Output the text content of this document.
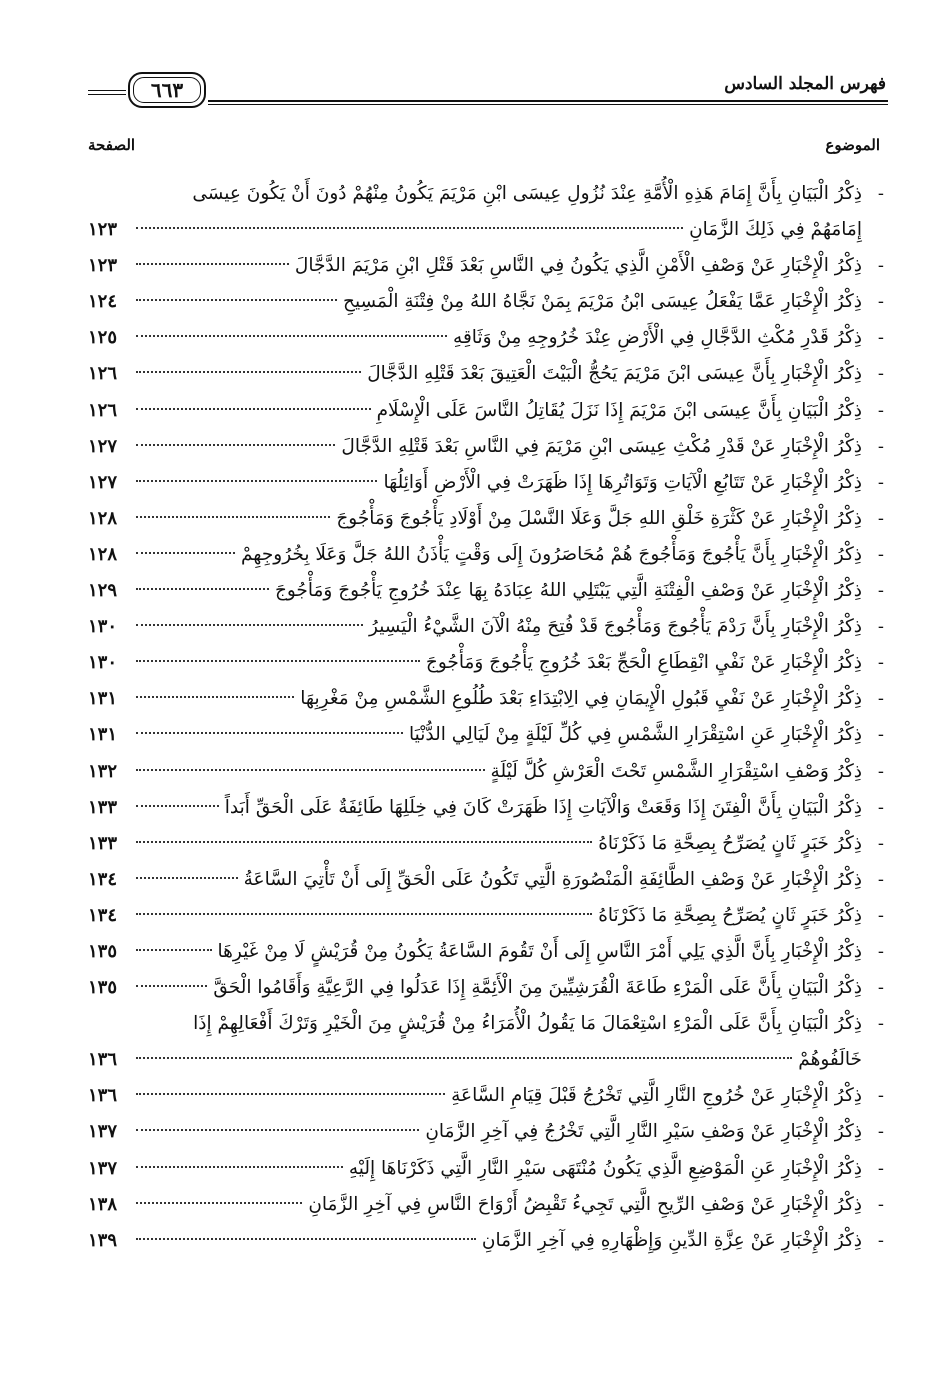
فهرس المجلد السادس
٦٦٣
الموضوع
الصفحة
-
ذِكْرُ الْبَيَانِ بِأَنَّ إِمَامَ هَذِهِ الْأُمَّةِ عِنْدَ نُزُولِ عِيسَى ابْنِ مَرْيَمَ يَكُونُ مِنْهُمْ دُونَ أَنْ يَكُونَ عِيسَى
إِمَامَهُمْ فِي ذَلِكَ الزَّمَانِ
١٢٣
-
ذِكْرُ الْإِخْبَارِ عَنْ وَصْفِ الْأَمْنِ الَّذِي يَكُونُ فِي النَّاسِ بَعْدَ قَتْلِ ابْنِ مَرْيَمَ الدَّجَّالَ
١٢٣
-
ذِكْرُ الْإِخْبَارِ عَمَّا يَفْعَلُ عِيسَى ابْنُ مَرْيَمَ بِمَنْ نَجَّاهُ اللهُ مِنْ فِتْنَةِ الْمَسِيحِ
١٢٤
-
ذِكْرُ قَدْرِ مُكْثِ الدَّجَّالِ فِي الْأَرْضِ عِنْدَ خُرُوجِهِ مِنْ وَثَاقِهِ
١٢٥
-
ذِكْرُ الْإِخْبَارِ بِأَنَّ عِيسَى ابْنَ مَرْيَمَ يَحُجُّ الْبَيْتَ الْعَتِيقَ بَعْدَ قَتْلِهِ الدَّجَّالَ
١٢٦
-
ذِكْرُ الْبَيَانِ بِأَنَّ عِيسَى ابْنَ مَرْيَمَ إِذَا نَزَلَ يُقَاتِلُ النَّاسَ عَلَى الْإِسْلَامِ
١٢٦
-
ذِكْرُ الْإِخْبَارِ عَنْ قَدْرِ مُكْثِ عِيسَى ابْنِ مَرْيَمَ فِي النَّاسِ بَعْدَ قَتْلِهِ الدَّجَّالَ
١٢٧
-
ذِكْرُ الْإِخْبَارِ عَنْ تَتَابُعِ الْآيَاتِ وَتَوَاتُرِهَا إِذَا ظَهَرَتْ فِي الْأَرْضِ أَوَائِلُهَا
١٢٧
-
ذِكْرُ الْإِخْبَارِ عَنْ كَثْرَةِ خَلْقِ اللهِ جَلَّ وَعَلَا النَّسْلَ مِنْ أَوْلَادِ يَأْجُوجَ وَمَأْجُوجَ
١٢٨
-
ذِكْرُ الْإِخْبَارِ بِأَنَّ يَأْجُوجَ وَمَأْجُوجَ هُمْ مُحَاصَرُونَ إِلَى وَقْتٍ يَأْذَنُ اللهُ جَلَّ وَعَلَا بِخُرُوجِهِمْ
١٢٨
-
ذِكْرُ الْإِخْبَارِ عَنْ وَصْفِ الْفِتْنَةِ الَّتِي يَبْتَلِي اللهُ عِبَادَهُ بِهَا عِنْدَ خُرُوجِ يَأْجُوجَ وَمَأْجُوجَ
١٢٩
-
ذِكْرُ الْإِخْبَارِ بِأَنَّ رَدْمَ يَأْجُوجَ وَمَأْجُوجَ قَدْ فُتِحَ مِنْهُ الْآنَ الشَّيْءُ الْيَسِيرُ
١٣٠
-
ذِكْرُ الْإِخْبَارِ عَنْ نَفْيِ انْقِطَاعِ الْحَجِّ بَعْدَ خُرُوجِ يَأْجُوجَ وَمَأْجُوجَ
١٣٠
-
ذِكْرُ الْإِخْبَارِ عَنْ نَفْيِ قَبُولِ الْإِيمَانِ فِي الِابْتِدَاءِ بَعْدَ طُلُوعِ الشَّمْسِ مِنْ مَغْرِبِهَا
١٣١
-
ذِكْرُ الْإِخْبَارِ عَنِ اسْتِقْرَارِ الشَّمْسِ فِي كُلِّ لَيْلَةٍ مِنْ لَيَالِي الدُّنْيَا
١٣١
-
ذِكْرُ وَصْفِ اسْتِقْرَارِ الشَّمْسِ تَحْتَ الْعَرْشِ كُلَّ لَيْلَةٍ
١٣٢
-
ذِكْرُ الْبَيَانِ بِأَنَّ الْفِتَنَ إِذَا وَقَعَتْ وَالْآيَاتِ إِذَا ظَهَرَتْ كَانَ فِي خِلَلِهَا طَائِفَةٌ عَلَى الْحَقِّ أَبَداً
١٣٣
-
ذِكْرُ خَبَرٍ ثَانٍ يُصَرِّحُ بِصِحَّةِ مَا ذَكَرْنَاهُ
١٣٣
-
ذِكْرُ الْإِخْبَارِ عَنْ وَصْفِ الطَّائِفَةِ الْمَنْصُورَةِ الَّتِي تَكُونُ عَلَى الْحَقِّ إِلَى أَنْ تَأْتِيَ السَّاعَةُ
١٣٤
-
ذِكْرُ خَبَرٍ ثَانٍ يُصَرِّحُ بِصِحَّةِ مَا ذَكَرْنَاهُ
١٣٤
-
ذِكْرُ الْإِخْبَارِ بِأَنَّ الَّذِي يَلِي أَمْرَ النَّاسِ إِلَى أَنْ تَقُومَ السَّاعَةُ يَكُونُ مِنْ قُرَيْشٍ لَا مِنْ غَيْرِهَا
١٣٥
-
ذِكْرُ الْبَيَانِ بِأَنَّ عَلَى الْمَرْءِ طَاعَةَ الْقُرَشِيِّينَ مِنَ الْأَئِمَّةِ إِذَا عَدَلُوا فِي الرَّعِيَّةِ وَأَقَامُوا الْحَقَّ
١٣٥
-
ذِكْرُ الْبَيَانِ بِأَنَّ عَلَى الْمَرْءِ اسْتِعْمَالَ مَا يَقُولُ الْأُمَرَاءُ مِنْ قُرَيْشٍ مِنَ الْخَيْرِ وَتَرْكَ أَفْعَالِهِمْ إِذَا
خَالَفُوهُمْ
١٣٦
-
ذِكْرُ الْإِخْبَارِ عَنْ خُرُوجِ النَّارِ الَّتِي تَخْرُجُ قَبْلَ قِيَامِ السَّاعَةِ
١٣٦
-
ذِكْرُ الْإِخْبَارِ عَنْ وَصْفِ سَيْرِ النَّارِ الَّتِي تَخْرُجُ فِي آخِرِ الزَّمَانِ
١٣٧
-
ذِكْرُ الْإِخْبَارِ عَنِ الْمَوْضِعِ الَّذِي يَكُونُ مُنْتَهَى سَيْرِ النَّارِ الَّتِي ذَكَرْنَاهَا إِلَيْهِ
١٣٧
-
ذِكْرُ الْإِخْبَارِ عَنْ وَصْفِ الرِّيحِ الَّتِي تَجِيءُ تَقْبِضُ أَرْوَاحَ النَّاسِ فِي آخِرِ الزَّمَانِ
١٣٨
-
ذِكْرُ الْإِخْبَارِ عَنْ عِزَّةِ الدِّينِ وَإِظْهَارِهِ فِي آخِرِ الزَّمَانِ
١٣٩
